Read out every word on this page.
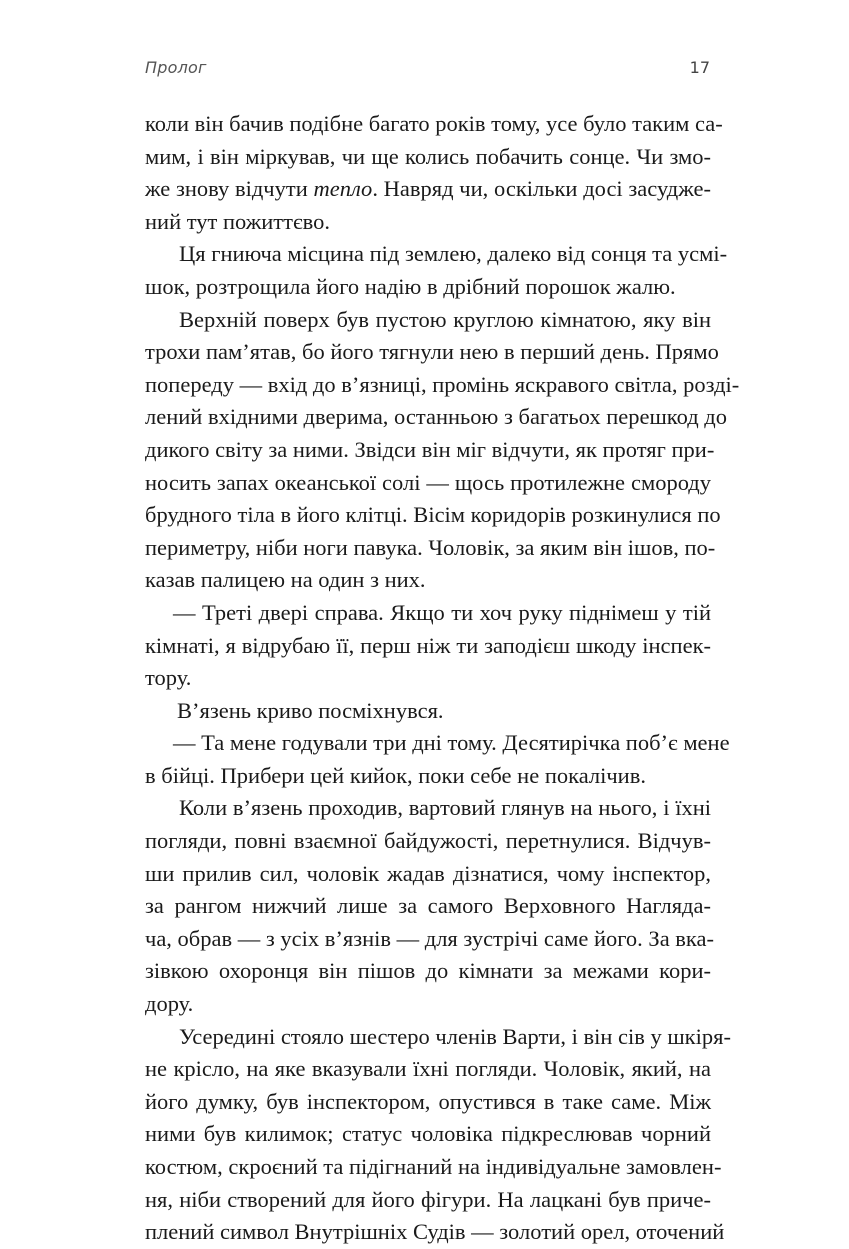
Пролог	17
коли він бачив подібне багато років тому, усе було таким са-
мим, і він міркував, чи ще колись побачить сонце. Чи змо-
же знову відчути тепло. Навряд чи, оскільки досі засудже-
ний тут пожиттєво.
Ця гниюча місцина під землею, далеко від сонця та усмі-
шок, розтрощила його надію в дрібний порошок жалю.
Верхній поверх був пустою круглою кімнатою, яку він
трохи пам’ятав, бо його тягнули нею в перший день. Прямо
попереду — вхід до в’язниці, промінь яскравого світла, розді-
лений вхідними дверима, останньою з багатьох перешкод до
дикого світу за ними. Звідси він міг відчути, як протяг при-
носить запах океанської солі — щось протилежне смороду
брудного тіла в його клітці. Вісім коридорів розкинулися по
периметру, ніби ноги павука. Чоловік, за яким він ішов, по-
казав палицею на один з них.
— Треті двері справа. Якщо ти хоч руку піднімеш у тій
кімнаті, я відрубаю її, перш ніж ти заподієш шкоду інспек-
тору.
В’язень криво посміхнувся.
— Та мене годували три дні тому. Десятирічка поб’є мене
в бійці. Прибери цей кийок, поки себе не покалічив.
Коли в’язень проходив, вартовий глянув на нього, і їхні
погляди, повні взаємної байдужості, перетнулися. Відчув-
ши прилив сил, чоловік жадав дізнатися, чому інспектор,
за рангом нижчий лише за самого Верховного Наглядa-
ча, обрав — з усіх в’язнів — для зустрічі саме його. За вка-
зівкою охоронця він пішов до кімнати за межами кори-
дору.
Усередині стояло шестеро членів Варти, і він сів у шкіря-
не крісло, на яке вказували їхні погляди. Чоловік, який, на
його думку, був інспектором, опустився в таке саме. Між
ними був килимок; статус чоловіка підкреслював чорний
костюм, скроєний та підігнаний на індивідуальне замовлен-
ня, ніби створений для його фігури. На лацкані був приче-
плений символ Внутрішніх Судів — золотий орел, оточений
